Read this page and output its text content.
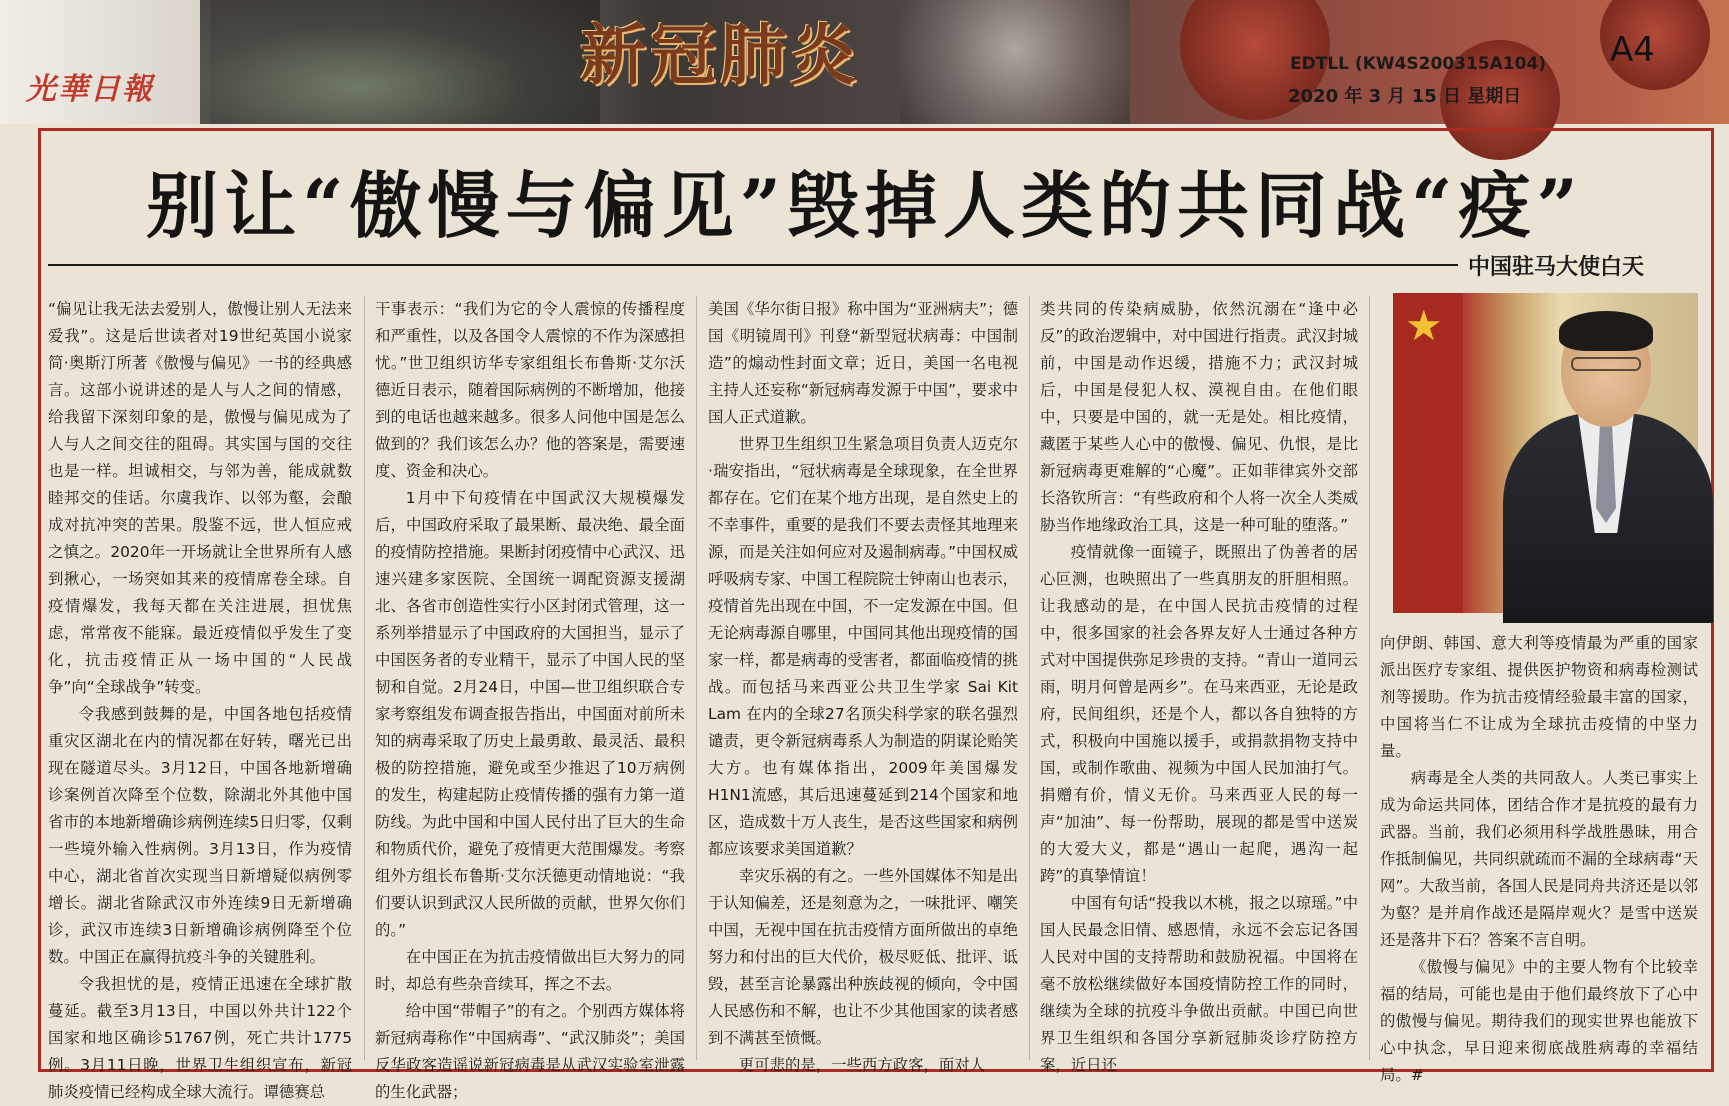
光華日報	新冠肺炎	EDTLL (KW4S200315A104) A4
2020 年 3 月 15 日 星期日
别让“傲慢与偏见”毁掉人类的共同战“疫”
中国驻马大使白天

“偏见让我无法去爱别人，傲慢让别人无法来爱我”。这是后世读者对19世纪英国小说家简·奥斯汀所著《傲慢与偏见》一书的经典感言。这部小说讲述的是人与人之间的情感，给我留下深刻印象的是，傲慢与偏见成为了人与人之间交往的阻碍。其实国与国的交往也是一样。坦诚相交，与邻为善，能成就数睦邦交的佳话。尔虞我诈、以邻为壑，会酿成对抗冲突的苦果。殷鉴不远，世人恒应戒之慎之。2020年一开场就让全世界所有人感到揪心，一场突如其来的疫情席卷全球。自疫情爆发，我每天都在关注进展，担忧焦虑，常常夜不能寐。最近疫情似乎发生了变化，抗击疫情正从一场中国的“人民战争”向“全球战争”转变。

令我感到鼓舞的是，中国各地包括疫情重灾区湖北在内的情况都在好转，曙光已出现在隧道尽头。3月12日，中国各地新增确诊案例首次降至个位数，除湖北外其他中国省市的本地新增确诊病例连续5日归零，仅剩一些境外输入性病例。3月13日，作为疫情中心，湖北省首次实现当日新增疑似病例零增长。湖北省除武汉市外连续9日无新增确诊，武汉市连续3日新增确诊病例降至个位数。中国正在赢得抗疫斗争的关键胜利。

令我担忧的是，疫情正迅速在全球扩散蔓延。截至3月13日，中国以外共计122个国家和地区确诊51767例，死亡共计1775例。3月11日晚，世界卫生组织宣布，新冠肺炎疫情已经构成全球大流行。谭德赛总

干事表示：“我们为它的令人震惊的传播程度和严重性，以及各国令人震惊的不作为深感担忧。”世卫组织访华专家组组长布鲁斯·艾尔沃德近日表示，随着国际病例的不断增加，他接到的电话也越来越多。很多人问他中国是怎么做到的？我们该怎么办？他的答案是，需要速度、资金和决心。

1月中下旬疫情在中国武汉大规模爆发后，中国政府采取了最果断、最决绝、最全面的疫情防控措施。果断封闭疫情中心武汉、迅速兴建多家医院、全国统一调配资源支援湖北、各省市创造性实行小区封闭式管理，这一系列举措显示了中国政府的大国担当，显示了中国医务者的专业精干，显示了中国人民的坚韧和自觉。2月24日，中国—世卫组织联合专家考察组发布调查报告指出，中国面对前所未知的病毒采取了历史上最勇敢、最灵活、最积极的防控措施，避免或至少推迟了10万病例的发生，构建起防止疫情传播的强有力第一道防线。为此中国和中国人民付出了巨大的生命和物质代价，避免了疫情更大范围爆发。考察组外方组长布鲁斯·艾尔沃德更动情地说：“我们要认识到武汉人民所做的贡献，世界欠你们的。”

在中国正在为抗击疫情做出巨大努力的同时，却总有些杂音续耳，挥之不去。

给中国“带帽子”的有之。个别西方媒体将新冠病毒称作“中国病毒”、“武汉肺炎”；美国反华政客造谣说新冠病毒是从武汉实验室泄露的生化武器；

美国《华尔街日报》称中国为“亚洲病夫”；德国《明镜周刊》刊登“新型冠状病毒：中国制造”的煽动性封面文章；近日，美国一名电视主持人还妄称“新冠病毒发源于中国”，要求中国人正式道歉。

世界卫生组织卫生紧急项目负责人迈克尔·瑞安指出，“冠状病毒是全球现象，在全世界都存在。它们在某个地方出现，是自然史上的不幸事件，重要的是我们不要去责怪其地理来源，而是关注如何应对及遏制病毒。”中国权威呼吸病专家、中国工程院院士钟南山也表示，疫情首先出现在中国，不一定发源在中国。但无论病毒源自哪里，中国同其他出现疫情的国家一样，都是病毒的受害者，都面临疫情的挑战。而包括马来西亚公共卫生学家 Sai Kit Lam 在内的全球27名顶尖科学家的联名强烈谴责，更令新冠病毒系人为制造的阴谋论贻笑大方。也有媒体指出，2009年美国爆发H1N1流感，其后迅速蔓延到214个国家和地区，造成数十万人丧生，是否这些国家和病例都应该要求美国道歉？

幸灾乐祸的有之。一些外国媒体不知是出于认知偏差，还是刻意为之，一味批评、嘲笑中国，无视中国在抗击疫情方面所做出的卓绝努力和付出的巨大代价，极尽贬低、批评、诋毁，甚至言论暴露出种族歧视的倾向，令中国人民感伤和不解，也让不少其他国家的读者感到不满甚至愤慨。

更可悲的是，一些西方政客，面对人

类共同的传染病威胁，依然沉溺在“逢中必反”的政治逻辑中，对中国进行指责。武汉封城前，中国是动作迟缓，措施不力；武汉封城后，中国是侵犯人权、漠视自由。在他们眼中，只要是中国的，就一无是处。相比疫情，藏匿于某些人心中的傲慢、偏见、仇恨，是比新冠病毒更难解的“心魔”。正如菲律宾外交部长洛钦所言：“有些政府和个人将一次全人类威胁当作地缘政治工具，这是一种可耻的堕落。”

疫情就像一面镜子，既照出了伪善者的居心叵测，也映照出了一些真朋友的肝胆相照。让我感动的是，在中国人民抗击疫情的过程中，很多国家的社会各界友好人士通过各种方式对中国提供弥足珍贵的支持。“青山一道同云雨，明月何曾是两乡”。在马来西亚，无论是政府，民间组织，还是个人，都以各自独特的方式，积极向中国施以援手，或捐款捐物支持中国，或制作歌曲、视频为中国人民加油打气。捐赠有价，情义无价。马来西亚人民的每一声“加油”、每一份帮助，展现的都是雪中送炭的大爱大义，都是“遇山一起爬，遇沟一起跨”的真挚情谊！

中国有句话“投我以木桃，报之以琼瑶。”中国人民最念旧情、感恩情，永远不会忘记各国人民对中国的支持帮助和鼓励祝福。中国将在毫不放松继续做好本国疫情防控工作的同时，继续为全球的抗疫斗争做出贡献。中国已向世界卫生组织和各国分享新冠肺炎诊疗防控方案，近日还

★

向伊朗、韩国、意大利等疫情最为严重的国家派出医疗专家组、提供医护物资和病毒检测试剂等援助。作为抗击疫情经验最丰富的国家，中国将当仁不让成为全球抗击疫情的中坚力量。

病毒是全人类的共同敌人。人类已事实上成为命运共同体，团结合作才是抗疫的最有力武器。当前，我们必须用科学战胜愚昧，用合作抵制偏见，共同织就疏而不漏的全球病毒“天网”。大敌当前，各国人民是同舟共济还是以邻为壑？是并肩作战还是隔岸观火？是雪中送炭还是落井下石？答案不言自明。

《傲慢与偏见》中的主要人物有个比较幸福的结局，可能也是由于他们最终放下了心中的傲慢与偏见。期待我们的现实世界也能放下心中执念，早日迎来彻底战胜病毒的幸福结局。#
